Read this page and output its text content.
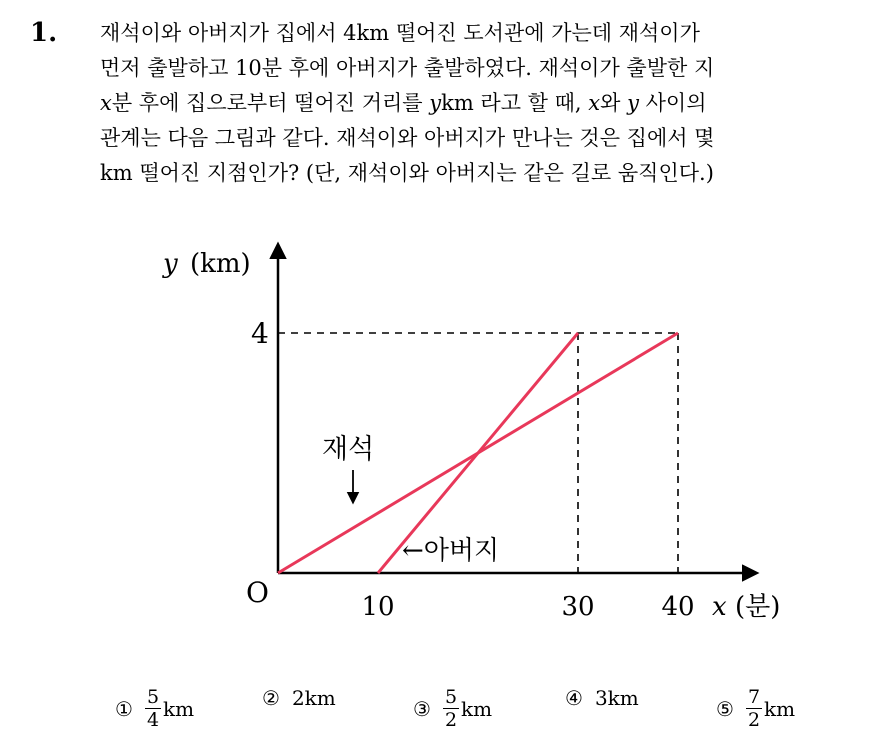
1. 재석이와 아버지가 집에서 4km 떨어진 도서관에 가는데 재석이가
먼저 출발하고 10분 후에 아버지가 출발하였다. 재석이가 출발한 지
x분 후에 집으로부터 떨어진 거리를 ykm 라고 할 때, x와 y 사이의
관계는 다음 그림과 같다. 재석이와 아버지가 만나는 것은 집에서 몇
km 떨어진 지점인가? (단, 재석이와 아버지는 같은 길로 움직인다.)
y (km)
x (분)
O	10	30	40
4
재석
←아버지
① $\frac{5}{4}$ km	② 2km	③ $\frac{5}{2}$ km	④ 3km	⑤ $\frac{7}{2}$ km
